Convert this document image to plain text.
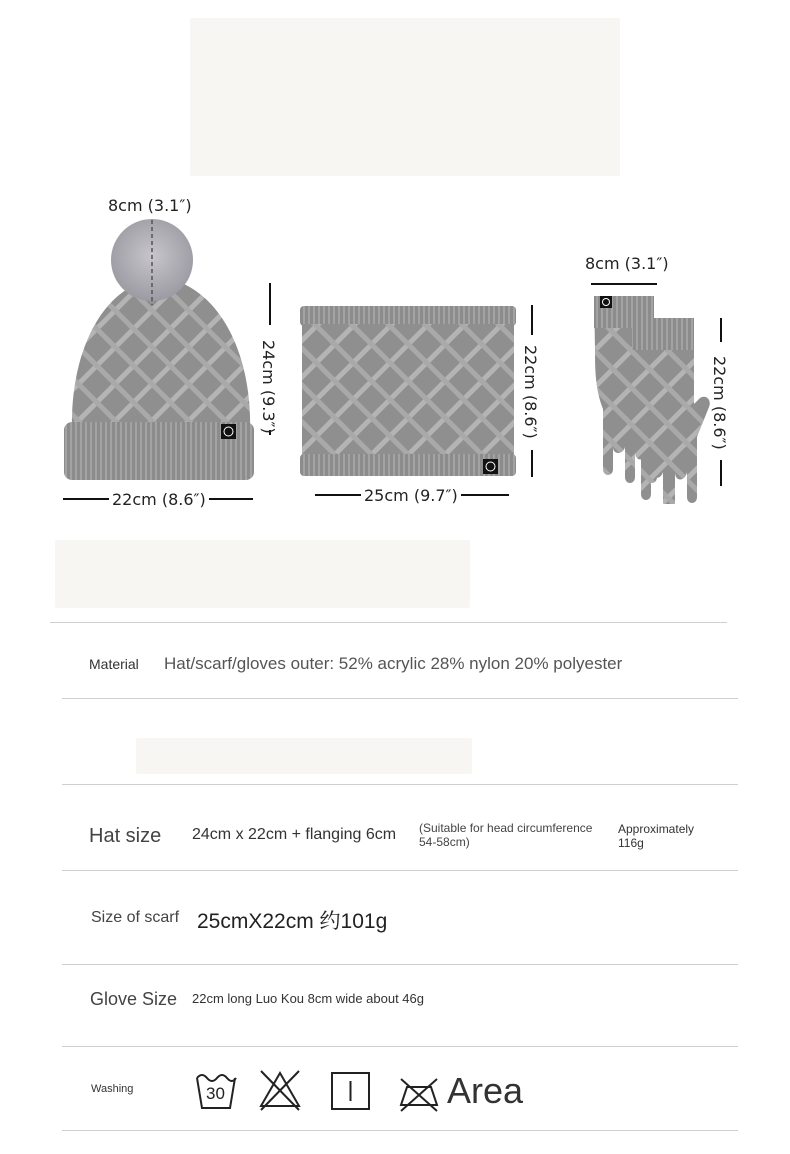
8cm (3.1″)
24cm (9.3″)
22cm (8.6″)
22cm (8.6″)
25cm (9.7″)
8cm (3.1″)
22cm (8.6″)
Material Hat/scarf/gloves outer: 52% acrylic 28% nylon 20% polyester
Hat size 24cm x 22cm + flanging 6cm (Suitable for head circumference 54-58cm)
Approximately 116g
Size of scarf 25cmX22cm 约101g
Glove Size 22cm long Luo Kou 8cm wide about 46g
Washing	30	Area
